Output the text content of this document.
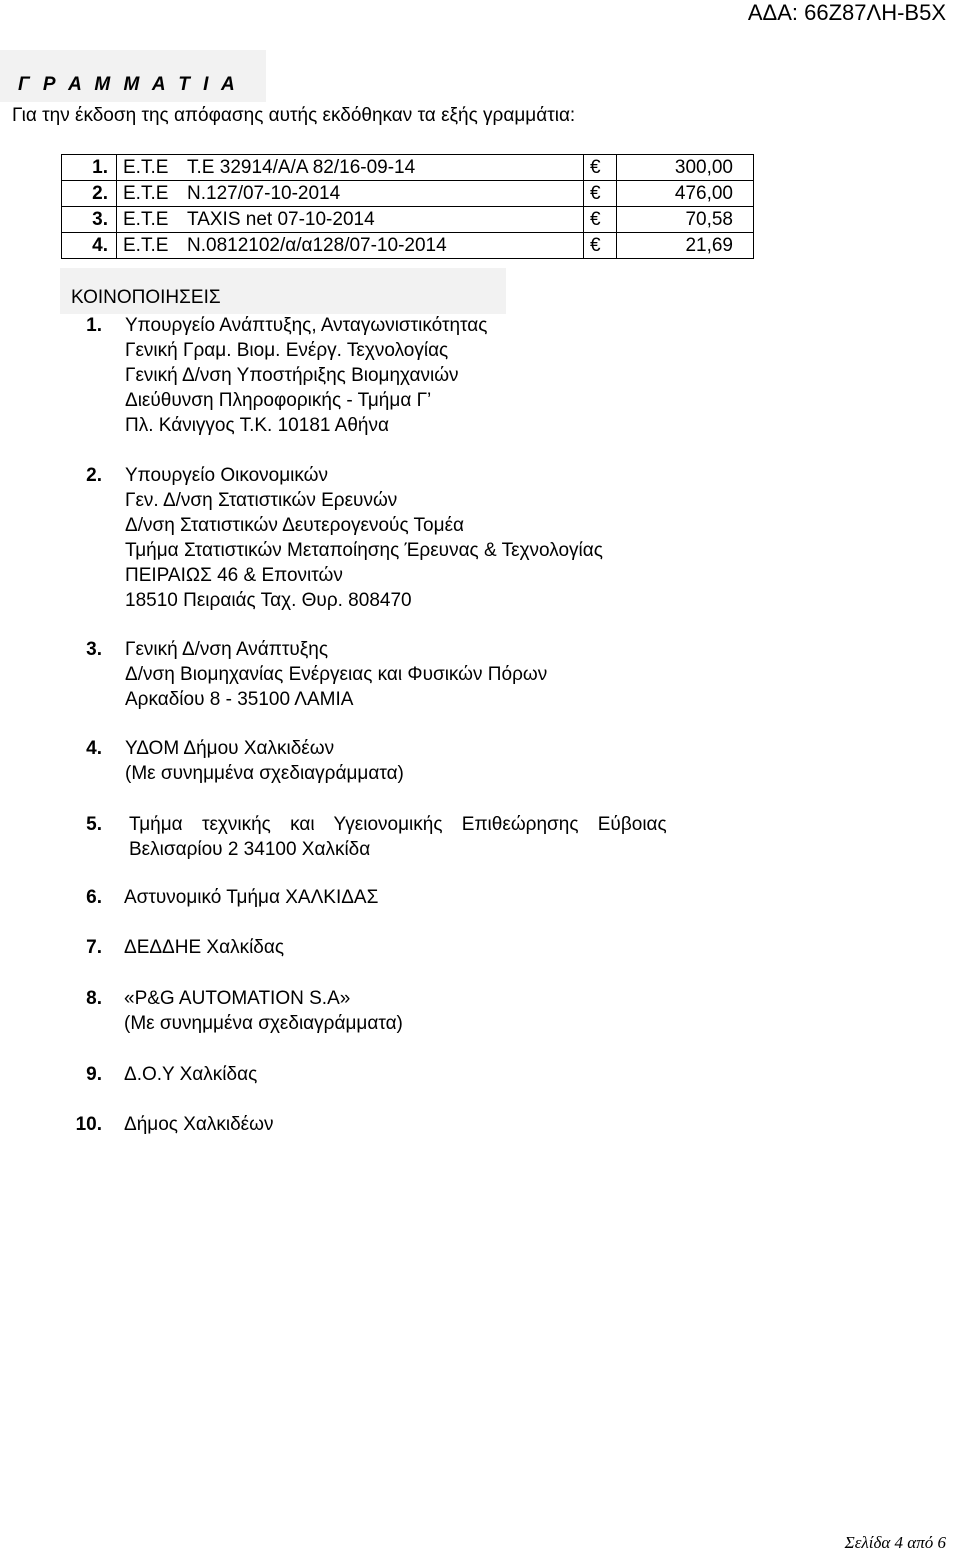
ΑΔΑ: 66Ζ87ΛΗ-Β5Χ
Γ Ρ Α Μ Μ Α Τ Ι Α
Για την έκδοση της απόφασης αυτής εκδόθηκαν τα εξής γραμμάτια:
1.	Ε.Τ.Ε	Τ.Ε 32914/Α/Α 82/16-09-14	€	300,00
2.	Ε.Τ.Ε	Ν.127/07-10-2014	€	476,00
3.	Ε.Τ.Ε	TAXIS net 07-10-2014	€	70,58
4.	Ε.Τ.Ε	Ν.0812102/α/α128/07-10-2014	€	21,69
ΚΟΙΝΟΠΟΙΗΣΕΙΣ
1. Υπουργείο Ανάπτυξης, Ανταγωνιστικότητας
Γενική Γραμ. Βιομ. Ενέργ. Τεχνολογίας
Γενική Δ/νση Υποστήριξης Βιομηχανιών
Διεύθυνση Πληροφορικής - Τμήμα Γ’
Πλ. Κάνιγγος Τ.Κ. 10181 Αθήνα
2. Υπουργείο Οικονομικών
Γεν. Δ/νση Στατιστικών Ερευνών
Δ/νση Στατιστικών Δευτερογενούς Τομέα
Τμήμα Στατιστικών Μεταποίησης Έρευνας & Τεχνολογίας
ΠΕΙΡΑΙΩΣ 46 & Επονιτών
18510 Πειραιάς Ταχ. Θυρ. 808470
3. Γενική Δ/νση Ανάπτυξης
Δ/νση Βιομηχανίας Ενέργειας και Φυσικών Πόρων
Αρκαδίου 8 - 35100 ΛΑΜΙΑ
4. ΥΔΟΜ Δήμου Χαλκιδέων
(Με συνημμένα σχεδιαγράμματα)
5. Τμήμα τεχνικής και Υγειονομικής Επιθεώρησης Εύβοιας
Βελισαρίου 2 34100 Χαλκίδα
6. Αστυνομικό Τμήμα ΧΑΛΚΙΔΑΣ
7. ΔΕΔΔΗΕ Χαλκίδας
8. «P&G AUTOMATION S.A»
(Με συνημμένα σχεδιαγράμματα)
9. Δ.Ο.Υ Χαλκίδας
10. Δήμος Χαλκιδέων
Σελίδα 4 από 6
